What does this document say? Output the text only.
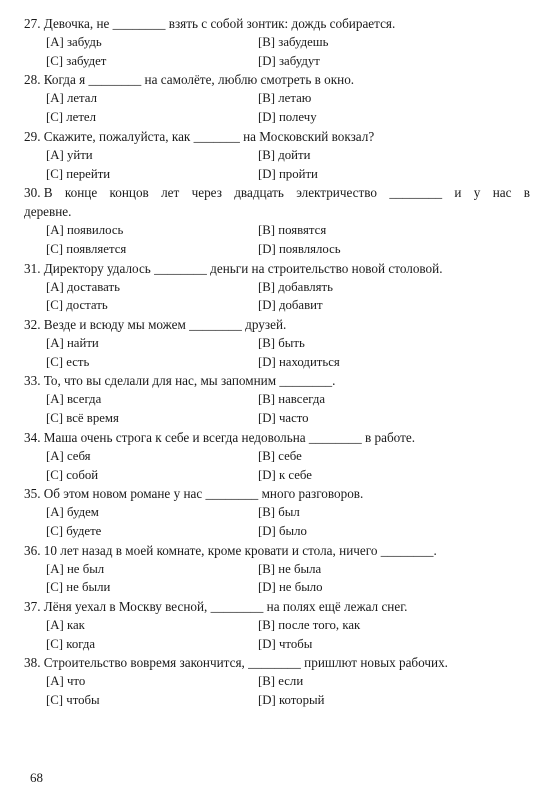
27.
Девочка, не ________ взять с собой зонтик: дождь собирается.
[A] забудь	[B] забудешь
[C] забудет	[D] забудут
28.
Когда я ________ на самолёте, люблю смотреть в окно.
[A] летал	[B] летаю
[C] летел	[D] полечу
29.
Скажите, пожалуйста, как _______ на Московский вокзал?
[A] уйти	[B] дойти
[C] перейти	[D] пройти
30.
В конце концов лет через двадцать электричество ________ и у нас в
деревне.
[A] появилось	[B] появятся
[C] появляется	[D] появлялось
31.
Директору удалось ________ деньги на строительство новой столовой.
[A] доставать	[B] добавлять
[C] достать	[D] добавит
32.
Везде и всюду мы можем ________ друзей.
[A] найти	[B] быть
[C] есть	[D] находиться
33.
То, что вы сделали для нас, мы запомним ________.
[A] всегда	[B] навсегда
[C] всё время	[D] часто
34.
Маша очень строга к себе и всегда недовольна ________ в работе.
[A] себя	[B] себе
[C] собой	[D] к себе
35.
Об этом новом романе у нас ________ много разговоров.
[A] будем	[B] был
[C] будете	[D] было
36.
10 лет назад в моей комнате, кроме кровати и стола, ничего ________.
[A] не был	[B] не была
[C] не были	[D] не было
37.
Лёня уехал в Москву весной, ________ на полях ещё лежал снег.
[A] как	[B] после того, как
[C] когда	[D] чтобы
38.
Строительство вовремя закончится, ________ пришлют новых рабочих.
[A] что	[B] если
[C] чтобы	[D] который
68
